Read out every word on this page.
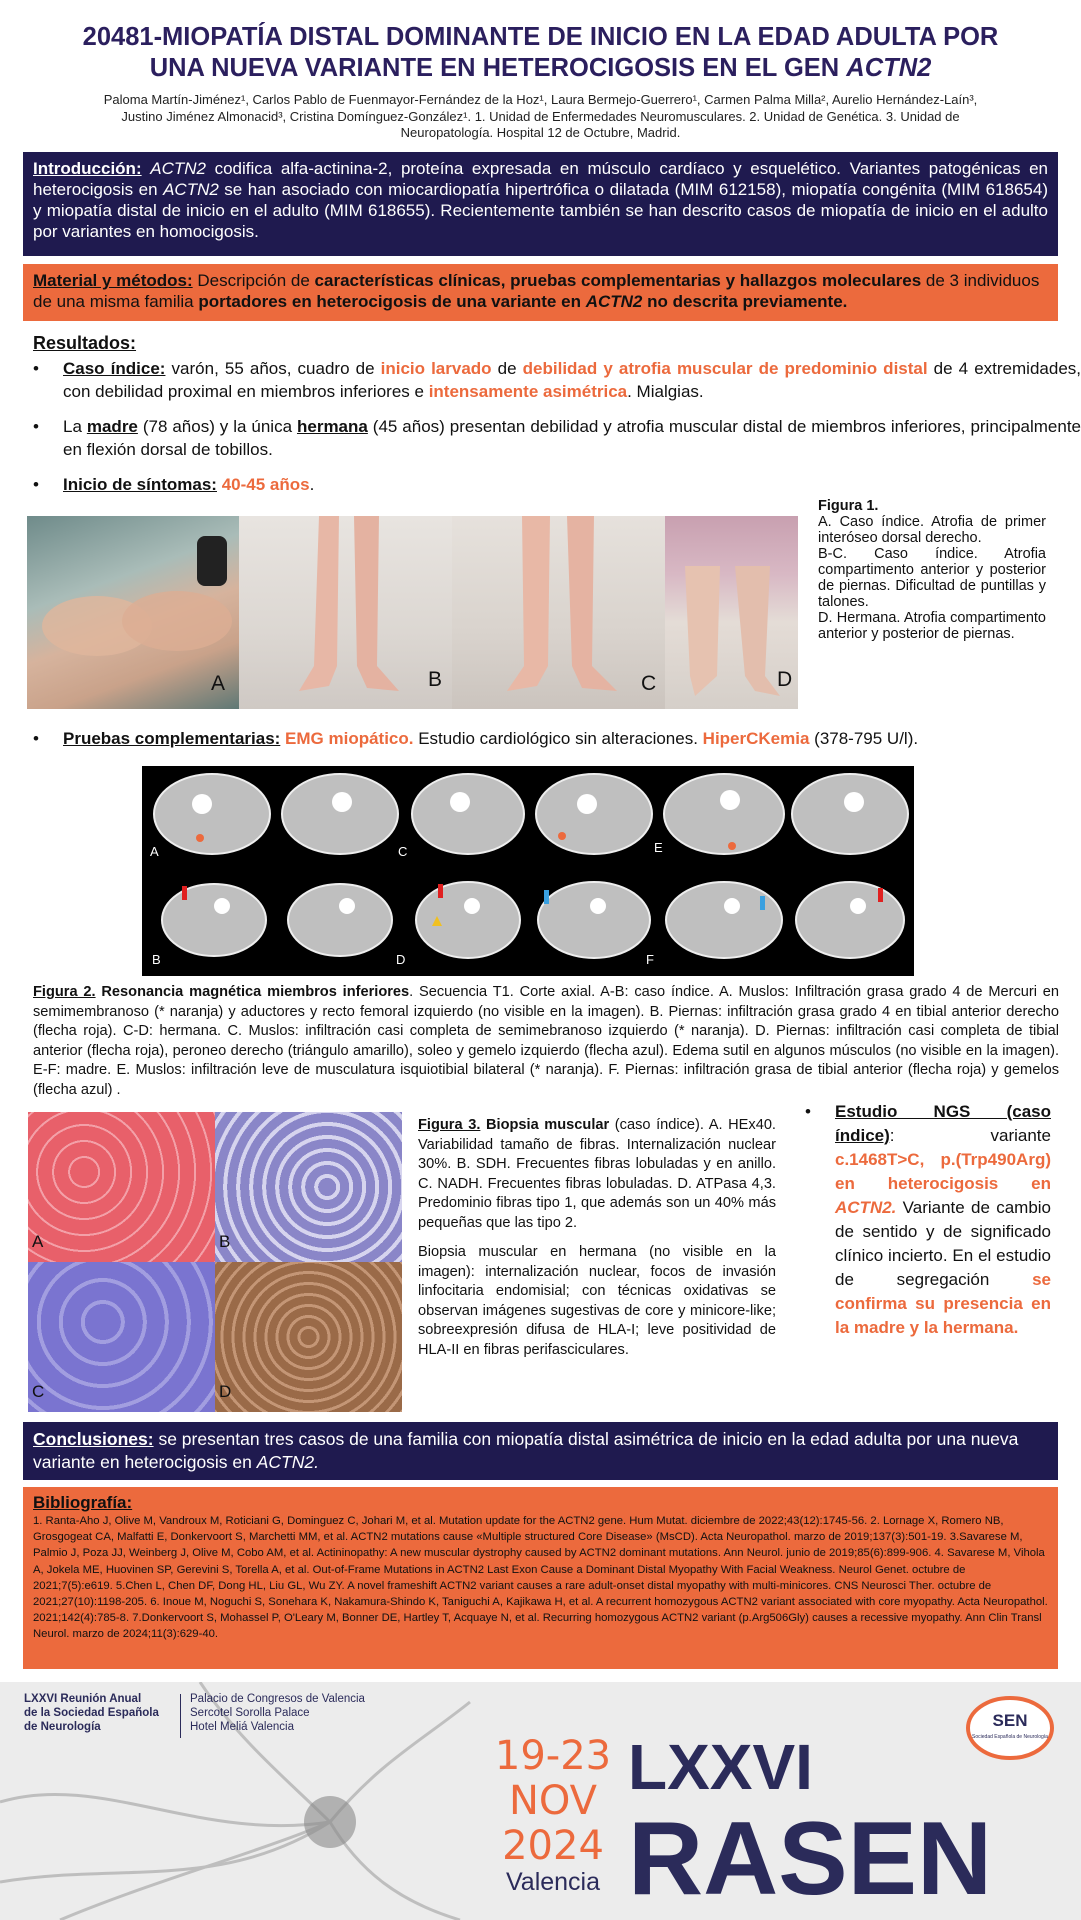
20481-MIOPATÍA DISTAL DOMINANTE DE INICIO EN LA EDAD ADULTA POR
UNA NUEVA VARIANTE EN HETEROCIGOSIS EN EL GEN ACTN2
Paloma Martín-Jiménez¹, Carlos Pablo de Fuenmayor-Fernández de la Hoz¹, Laura Bermejo-Guerrero¹, Carmen Palma Milla², Aurelio Hernández-Laín³,
Justino Jiménez Almonacid³, Cristina Domínguez-González¹. 1. Unidad de Enfermedades Neuromusculares. 2. Unidad de Genética. 3. Unidad de
Neuropatología. Hospital 12 de Octubre, Madrid.
Introducción: ACTN2 codifica alfa-actinina-2, proteína expresada en músculo cardíaco y esquelético. Variantes patogénicas en heterocigosis en ACTN2 se han asociado con miocardiopatía hipertrófica o dilatada (MIM 612158), miopatía congénita (MIM 618654) y miopatía distal de inicio en el adulto (MIM 618655). Recientemente también se han descrito casos de miopatía de inicio en el adulto por variantes en homocigosis.
Material y métodos: Descripción de características clínicas, pruebas complementarias y hallazgos moleculares de 3 individuos de una misma familia portadores en heterocigosis de una variante en ACTN2 no descrita previamente.
Resultados:
• Caso índice: varón, 55 años, cuadro de inicio larvado de debilidad y atrofia muscular de predominio distal de 4 extremidades, con debilidad proximal en miembros inferiores e intensamente asimétrica. Mialgias.
• La madre (78 años) y la única hermana (45 años) presentan debilidad y atrofia muscular distal de miembros inferiores, principalmente en flexión dorsal de tobillos.
• Inicio de síntomas: 40-45 años.
A	B	C	D
Figura 1.
A. Caso índice. Atrofia de primer interóseo dorsal derecho.
B-C. Caso índice. Atrofia compartimento anterior y posterior de piernas. Dificultad de puntillas y talones.
D. Hermana. Atrofia compartimento anterior y posterior de piernas.
• Pruebas complementarias: EMG miopático. Estudio cardiológico sin alteraciones. HiperCKemia (378-795 U/l).
A	C	E
B	D	F
Figura 2. Resonancia magnética miembros inferiores. Secuencia T1. Corte axial. A-B: caso índice. A. Muslos: Infiltración grasa grado 4 de Mercuri en semimembranoso (* naranja) y aductores y recto femoral izquierdo (no visible en la imagen). B. Piernas: infiltración grasa grado 4 en tibial anterior derecho (flecha roja). C-D: hermana. C. Muslos: infiltración casi completa de semimebranoso izquierdo (* naranja). D. Piernas: infiltración casi completa de tibial anterior (flecha roja), peroneo derecho (triángulo amarillo), soleo y gemelo izquierdo (flecha azul). Edema sutil en algunos músculos (no visible en la imagen). E-F: madre. E. Muslos: infiltración leve de musculatura isquiotibial bilateral (* naranja). F. Piernas: infiltración grasa de tibial anterior (flecha roja) y gemelos (flecha azul) .
A	B
C	D

Figura 3. Biopsia muscular (caso índice). A. HEx40. Variabilidad tamaño de fibras. Internalización nuclear 30%. B. SDH. Frecuentes fibras lobuladas y en anillo. C. NADH. Frecuentes fibras lobuladas. D. ATPasa 4,3. Predominio fibras tipo 1, que además son un 40% más pequeñas que las tipo 2.

Biopsia muscular en hermana (no visible en la imagen): internalización nuclear, focos de invasión linfocitaria endomisial; con técnicas oxidativas se observan imágenes sugestivas de core y minicore-like; sobreexpresión difusa de HLA-I; leve positividad de HLA-II en fibras perifasciculares.

• Estudio NGS (caso índice): variante c.1468T>C, p.(Trp490Arg) en heterocigosis en ACTN2. Variante de cambio de sentido y de significado clínico incierto. En el estudio de segregación se confirma su presencia en la madre y la hermana.
Conclusiones: se presentan tres casos de una familia con miopatía distal asimétrica de inicio en la edad adulta por una nueva variante en heterocigosis en ACTN2.
Bibliografía:
1. Ranta-Aho J, Olive M, Vandroux M, Roticiani G, Dominguez C, Johari M, et al. Mutation update for the ACTN2 gene. Hum Mutat. diciembre de 2022;43(12):1745-56. 2. Lornage X, Romero NB, Grosgogeat CA, Malfatti E, Donkervoort S, Marchetti MM, et al. ACTN2 mutations cause «Multiple structured Core Disease» (MsCD). Acta Neuropathol. marzo de 2019;137(3):501-19. 3.Savarese M, Palmio J, Poza JJ, Weinberg J, Olive M, Cobo AM, et al. Actininopathy: A new muscular dystrophy caused by ACTN2 dominant mutations. Ann Neurol. junio de 2019;85(6):899-906. 4. Savarese M, Vihola A, Jokela ME, Huovinen SP, Gerevini S, Torella A, et al. Out-of-Frame Mutations in ACTN2 Last Exon Cause a Dominant Distal Myopathy With Facial Weakness. Neurol Genet. octubre de 2021;7(5):e619. 5.Chen L, Chen DF, Dong HL, Liu GL, Wu ZY. A novel frameshift ACTN2 variant causes a rare adult-onset distal myopathy with multi-minicores. CNS Neurosci Ther. octubre de 2021;27(10):1198-205. 6. Inoue M, Noguchi S, Sonehara K, Nakamura-Shindo K, Taniguchi A, Kajikawa H, et al. A recurrent homozygous ACTN2 variant associated with core myopathy. Acta Neuropathol. 2021;142(4):785-8. 7.Donkervoort S, Mohassel P, O'Leary M, Bonner DE, Hartley T, Acquaye N, et al. Recurring homozygous ACTN2 variant (p.Arg506Gly) causes a recessive myopathy. Ann Clin Transl Neurol. marzo de 2024;11(3):629-40.
LXXVI Reunión Anual
de la Sociedad Española
de Neurología
Palacio de Congresos de Valencia
Sercotel Sorolla Palace
Hotel Meliá Valencia
19-23
NOV
2024
Valencia
LXXVI
RASEN
SEN
Sociedad Española de Neurología
